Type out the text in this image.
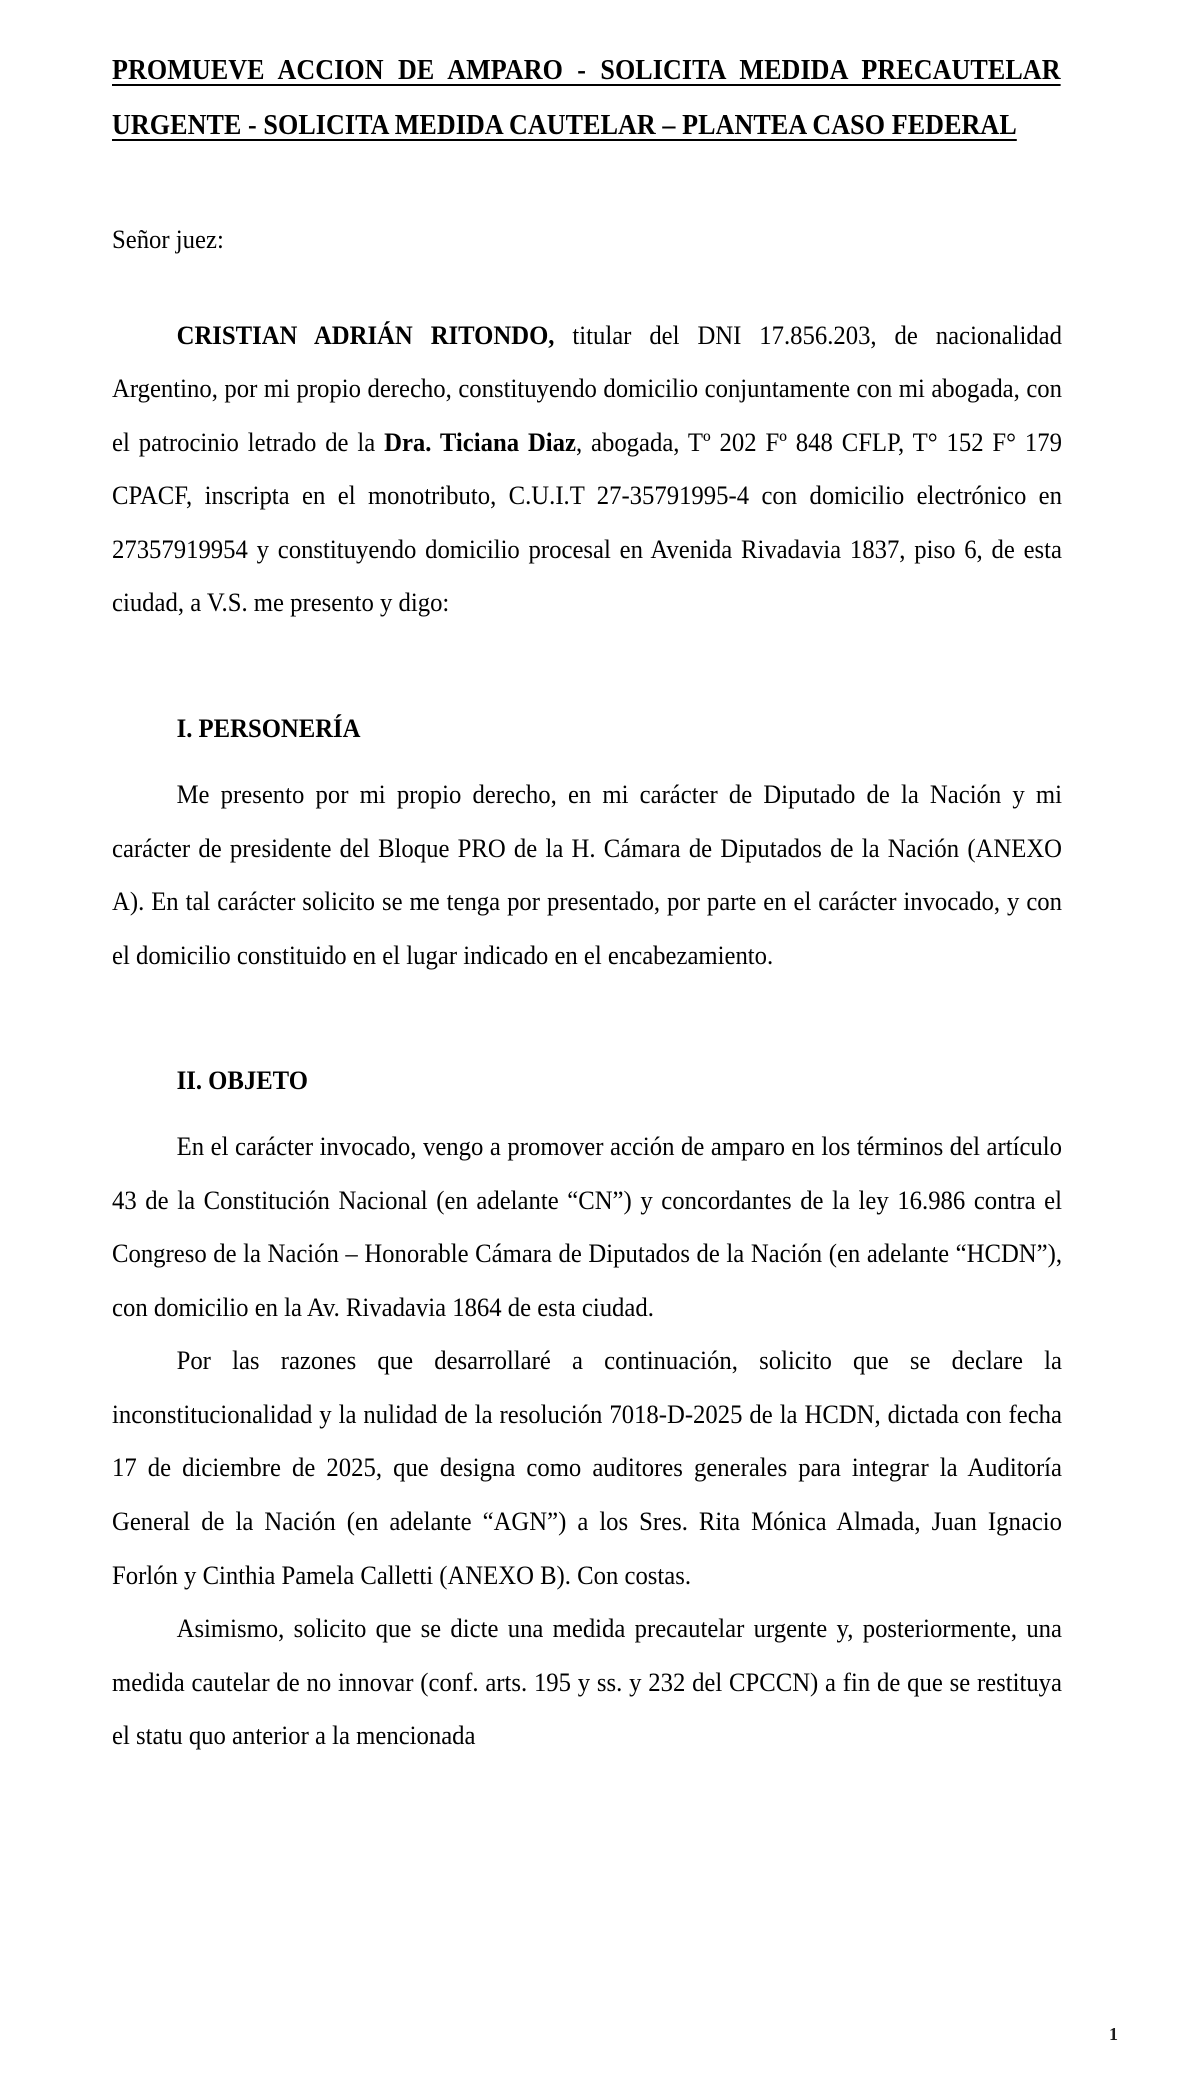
PROMUEVE ACCION DE AMPARO - SOLICITA MEDIDA PRECAUTELAR
URGENTE - SOLICITA MEDIDA CAUTELAR – PLANTEA CASO FEDERAL
Señor juez:

CRISTIAN ADRIÁN RITONDO, titular del DNI 17.856.203, de nacionalidad Argentino, por mi propio derecho, constituyendo domicilio conjuntamente con mi abogada, con el patrocinio letrado de la Dra. Ticiana Diaz, abogada, Tº 202 Fº 848 CFLP, T° 152 F° 179 CPACF, inscripta en el monotributo, C.U.I.T 27-35791995-4 con domicilio electrónico en 27357919954 y constituyendo domicilio procesal en Avenida Rivadavia 1837, piso 6, de esta ciudad, a V.S. me presento y digo:

I. PERSONERÍA

Me presento por mi propio derecho, en mi carácter de Diputado de la Nación y mi carácter de presidente del Bloque PRO de la H. Cámara de Diputados de la Nación (ANEXO A). En tal carácter solicito se me tenga por presentado, por parte en el carácter invocado, y con el domicilio constituido en el lugar indicado en el encabezamiento.

II. OBJETO

En el carácter invocado, vengo a promover acción de amparo en los términos del artículo 43 de la Constitución Nacional (en adelante “CN”) y concordantes de la ley 16.986 contra el Congreso de la Nación – Honorable Cámara de Diputados de la Nación (en adelante “HCDN”), con domicilio en la Av. Rivadavia 1864 de esta ciudad.

Por las razones que desarrollaré a continuación, solicito que se declare la inconstitucionalidad y la nulidad de la resolución 7018-D-2025 de la HCDN, dictada con fecha 17 de diciembre de 2025, que designa como auditores generales para integrar la Auditoría General de la Nación (en adelante “AGN”) a los Sres. Rita Mónica Almada, Juan Ignacio Forlón y Cinthia Pamela Calletti (ANEXO B). Con costas.

Asimismo, solicito que se dicte una medida precautelar urgente y, posteriormente, una medida cautelar de no innovar (conf. arts. 195 y ss. y 232 del CPCCN) a fin de que se restituya el statu quo anterior a la mencionada

1
